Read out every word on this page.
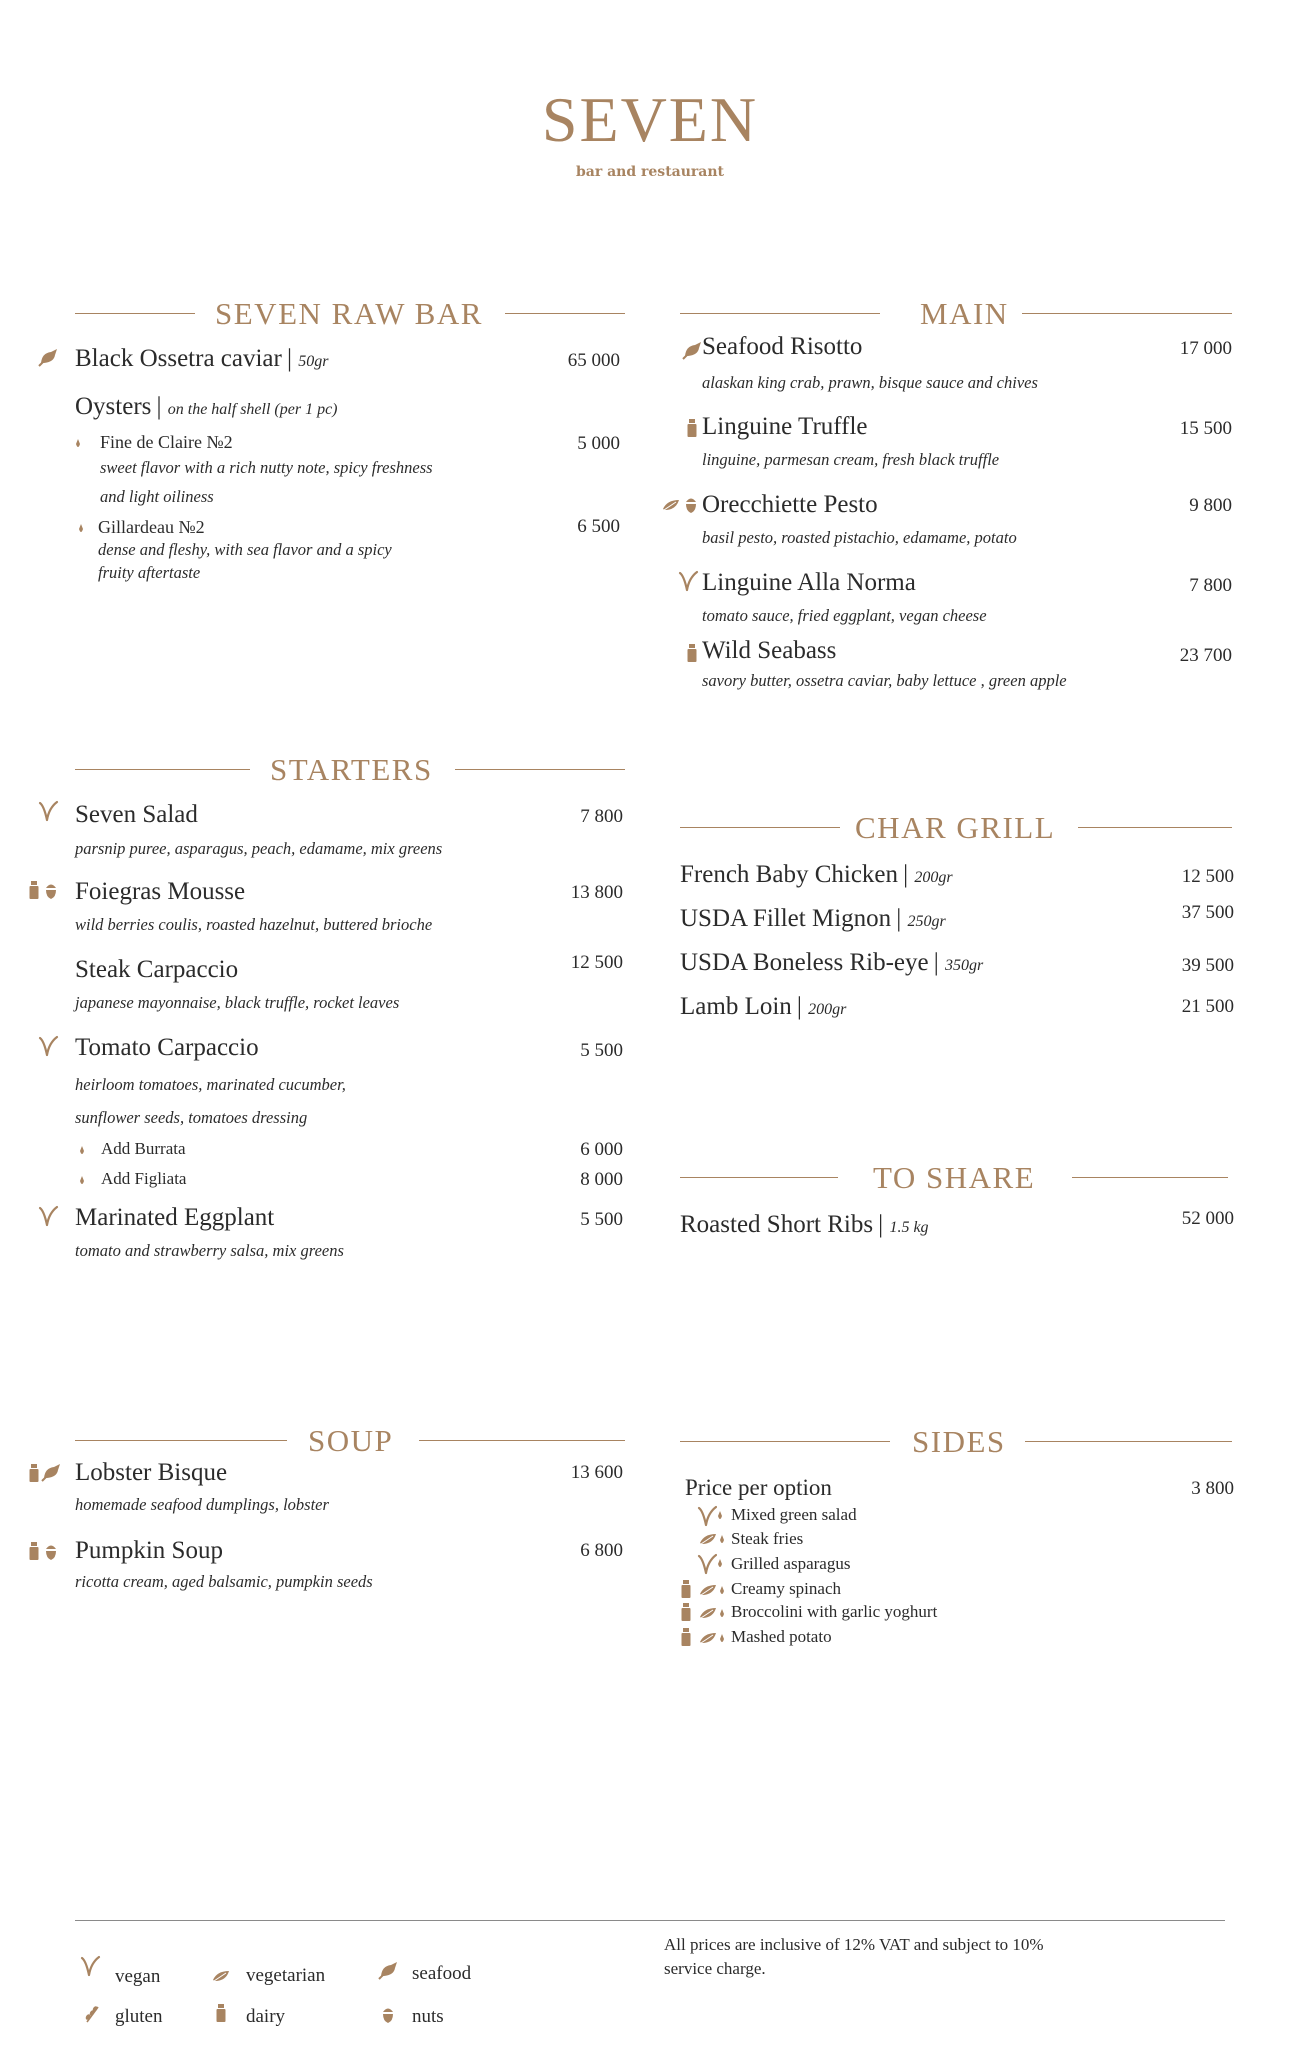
SEVEN
bar and restaurant
SEVEN RAW BAR
Black Ossetra caviar | 50gr	65 000
Oysters | on the half shell (per 1 pc)
Fine de Claire №2	5 000
sweet flavor with a rich nutty note, spicy freshness
and light oiliness
Gillardeau №2	6 500
dense and fleshy, with sea flavor and a spicy
fruity aftertaste
MAIN
Seafood Risotto	17 000
alaskan king crab, prawn, bisque sauce and chives
Linguine Truffle	15 500
linguine, parmesan cream, fresh black truffle
Orecchiette Pesto	9 800
basil pesto, roasted pistachio, edamame, potato
Linguine Alla Norma	7 800
tomato sauce, fried eggplant, vegan cheese
Wild Seabass	23 700
savory butter, ossetra caviar, baby lettuce , green apple
STARTERS
Seven Salad	7 800
parsnip puree, asparagus, peach, edamame, mix greens
Foiegras Mousse	13 800
wild berries coulis, roasted hazelnut, buttered brioche
Steak Carpaccio	12 500
japanese mayonnaise, black truffle, rocket leaves
Tomato Carpaccio	5 500
heirloom tomatoes, marinated cucumber,
sunflower seeds, tomatoes dressing
Add Burrata	6 000
Add Figliata	8 000
Marinated Eggplant	5 500
tomato and strawberry salsa, mix greens
CHAR GRILL
French Baby Chicken | 200gr	12 500
USDA Fillet Mignon | 250gr	37 500
USDA Boneless Rib-eye | 350gr	39 500
Lamb Loin | 200gr	21 500
TO SHARE
Roasted Short Ribs | 1.5 kg	52 000
SOUP
Lobster Bisque	13 600
homemade seafood dumplings, lobster
Pumpkin Soup	6 800
ricotta cream, aged balsamic, pumpkin seeds
SIDES
Price per option	3 800
Mixed green salad
Steak fries
Grilled asparagus
Creamy spinach
Broccolini with garlic yoghurt
Mashed potato
vegan	vegetarian	seafood
gluten	dairy	nuts
All prices are inclusive of 12% VAT and subject to 10% service charge.
